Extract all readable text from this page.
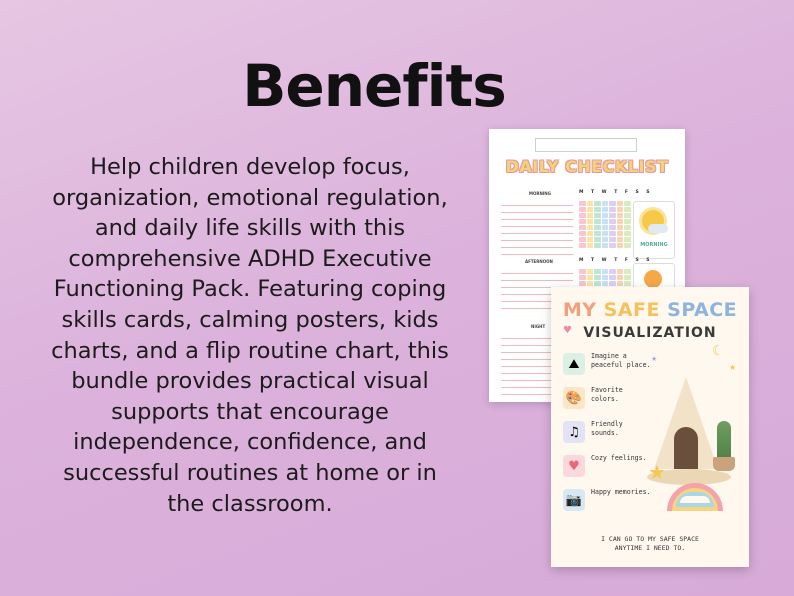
Benefits
Help children develop focus,
organization, emotional regulation,
and daily life skills with this
comprehensive ADHD Executive
Functioning Pack. Featuring coping
skills cards, calming posters, kids
charts, and a flip routine chart, this
bundle provides practical visual
supports that encourage
independence, confidence, and
successful routines at home or in
the classroom.
DAILY CHECKLIST
MORNING	M T W T F S S
MORNING
AFTERNOON	M T W T F S S
NIGHT
MY SAFE SPACE
VISUALIZATION
♥
☾
★
★
⛰
Imagine a peaceful place.
🎨
Favorite colors.
♫
Friendly sounds.
♥
Cozy feelings.
📷
Happy memories.
★
I CAN GO TO MY SAFE SPACE
ANYTIME I NEED TO.
